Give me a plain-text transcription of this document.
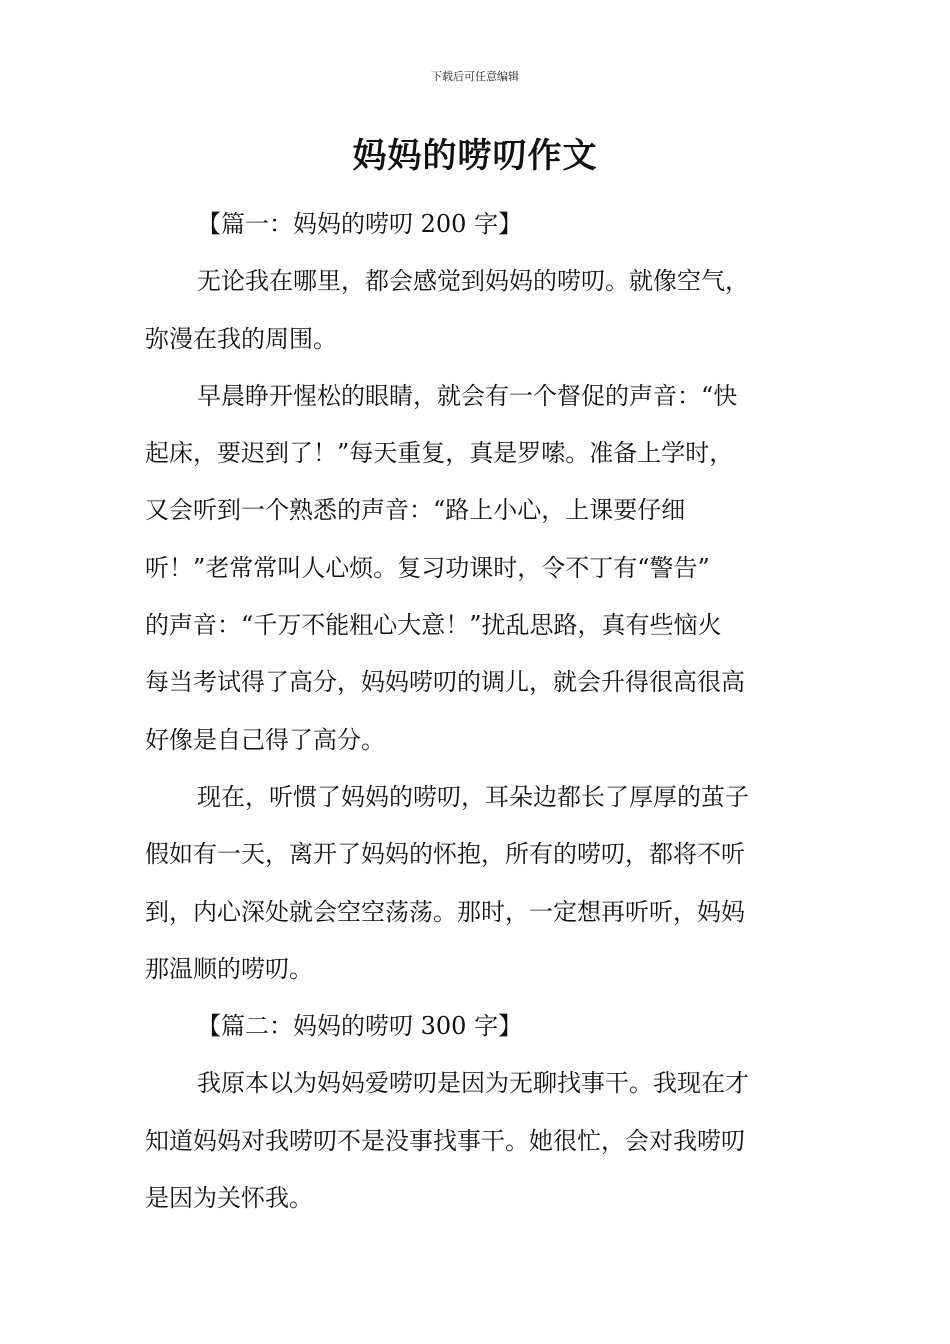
下载后可任意编辑
妈妈的唠叨作文
【篇一：妈妈的唠叨 200 字】
无论我在哪里，都会感觉到妈妈的唠叨。就像空气，
弥漫在我的周围。
早晨睁开惺松的眼睛，就会有一个督促的声音：“快
起床，要迟到了！”每天重复，真是罗嗦。准备上学时，
又会听到一个熟悉的声音：“路上小心，上课要仔细
听！”老常常叫人心烦。复习功课时，令不丁有“警告”
的声音：“千万不能粗心大意！”扰乱思路，真有些恼火
每当考试得了高分，妈妈唠叨的调儿，就会升得很高很高
好像是自己得了高分。
现在，听惯了妈妈的唠叨，耳朵边都长了厚厚的茧子
假如有一天，离开了妈妈的怀抱，所有的唠叨，都将不听
到，内心深处就会空空荡荡。那时，一定想再听听，妈妈
那温顺的唠叨。
【篇二：妈妈的唠叨 300 字】
我原本以为妈妈爱唠叨是因为无聊找事干。我现在才
知道妈妈对我唠叨不是没事找事干。她很忙，会对我唠叨
是因为关怀我。
